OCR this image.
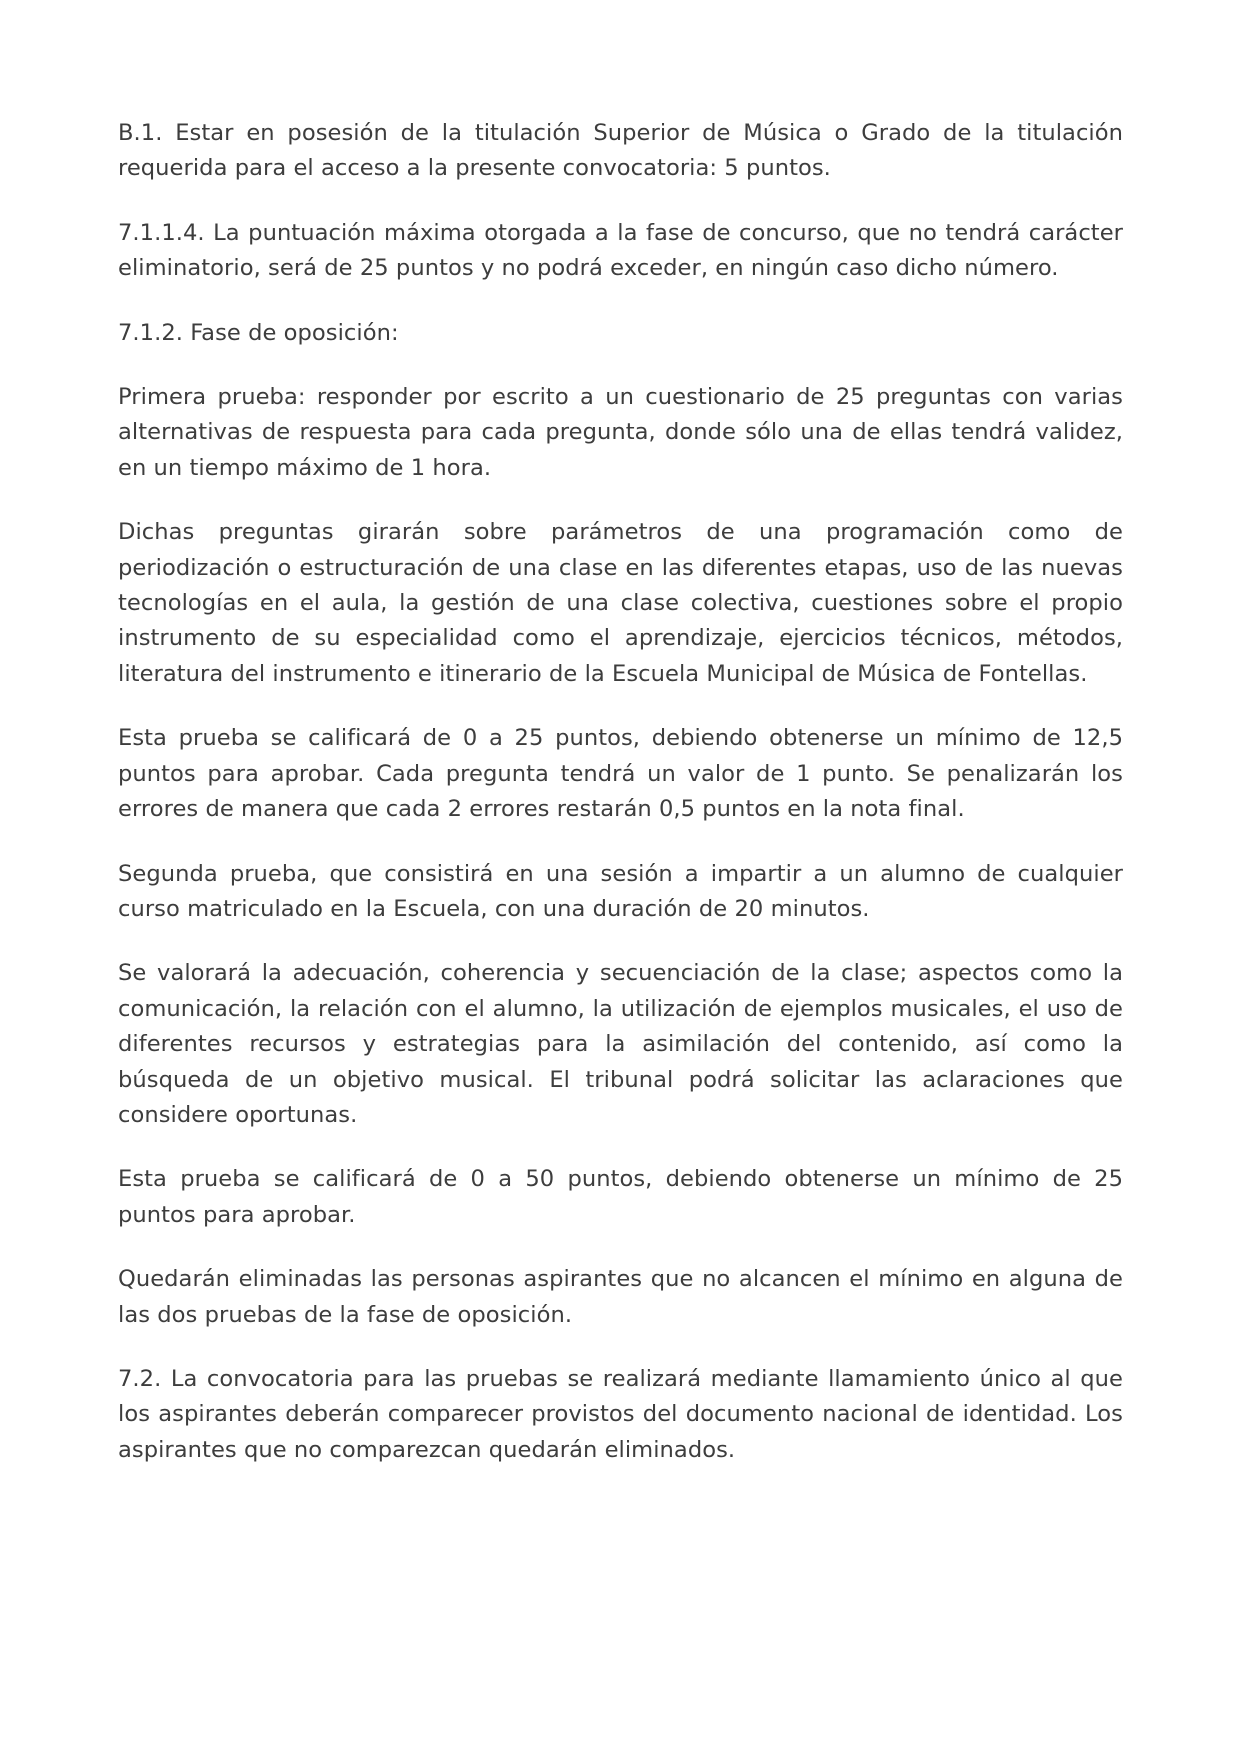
B.1. Estar en posesión de la titulación Superior de Música o Grado de la titulación requerida para el acceso a la presente convocatoria: 5 puntos.

7.1.1.4. La puntuación máxima otorgada a la fase de concurso, que no tendrá carácter eliminatorio, será de 25 puntos y no podrá exceder, en ningún caso dicho número.

7.1.2. Fase de oposición:

Primera prueba: responder por escrito a un cuestionario de 25 preguntas con varias alternativas de respuesta para cada pregunta, donde sólo una de ellas tendrá validez, en un tiempo máximo de 1 hora.

Dichas preguntas girarán sobre parámetros de una programación como de periodización o estructuración de una clase en las diferentes etapas, uso de las nuevas tecnologías en el aula, la gestión de una clase colectiva, cuestiones sobre el propio instrumento de su especialidad como el aprendizaje, ejercicios técnicos, métodos, literatura del instrumento e itinerario de la Escuela Municipal de Música de Fontellas.

Esta prueba se calificará de 0 a 25 puntos, debiendo obtenerse un mínimo de 12,5 puntos para aprobar. Cada pregunta tendrá un valor de 1 punto. Se penalizarán los errores de manera que cada 2 errores restarán 0,5 puntos en la nota final.

Segunda prueba, que consistirá en una sesión a impartir a un alumno de cualquier curso matriculado en la Escuela, con una duración de 20 minutos.

Se valorará la adecuación, coherencia y secuenciación de la clase; aspectos como la comunicación, la relación con el alumno, la utilización de ejemplos musicales, el uso de diferentes recursos y estrategias para la asimilación del contenido, así como la búsqueda de un objetivo musical. El tribunal podrá solicitar las aclaraciones que considere oportunas.

Esta prueba se calificará de 0 a 50 puntos, debiendo obtenerse un mínimo de 25 puntos para aprobar.

Quedarán eliminadas las personas aspirantes que no alcancen el mínimo en alguna de las dos pruebas de la fase de oposición.

7.2. La convocatoria para las pruebas se realizará mediante llamamiento único al que los aspirantes deberán comparecer provistos del documento nacional de identidad. Los aspirantes que no comparezcan quedarán eliminados.
